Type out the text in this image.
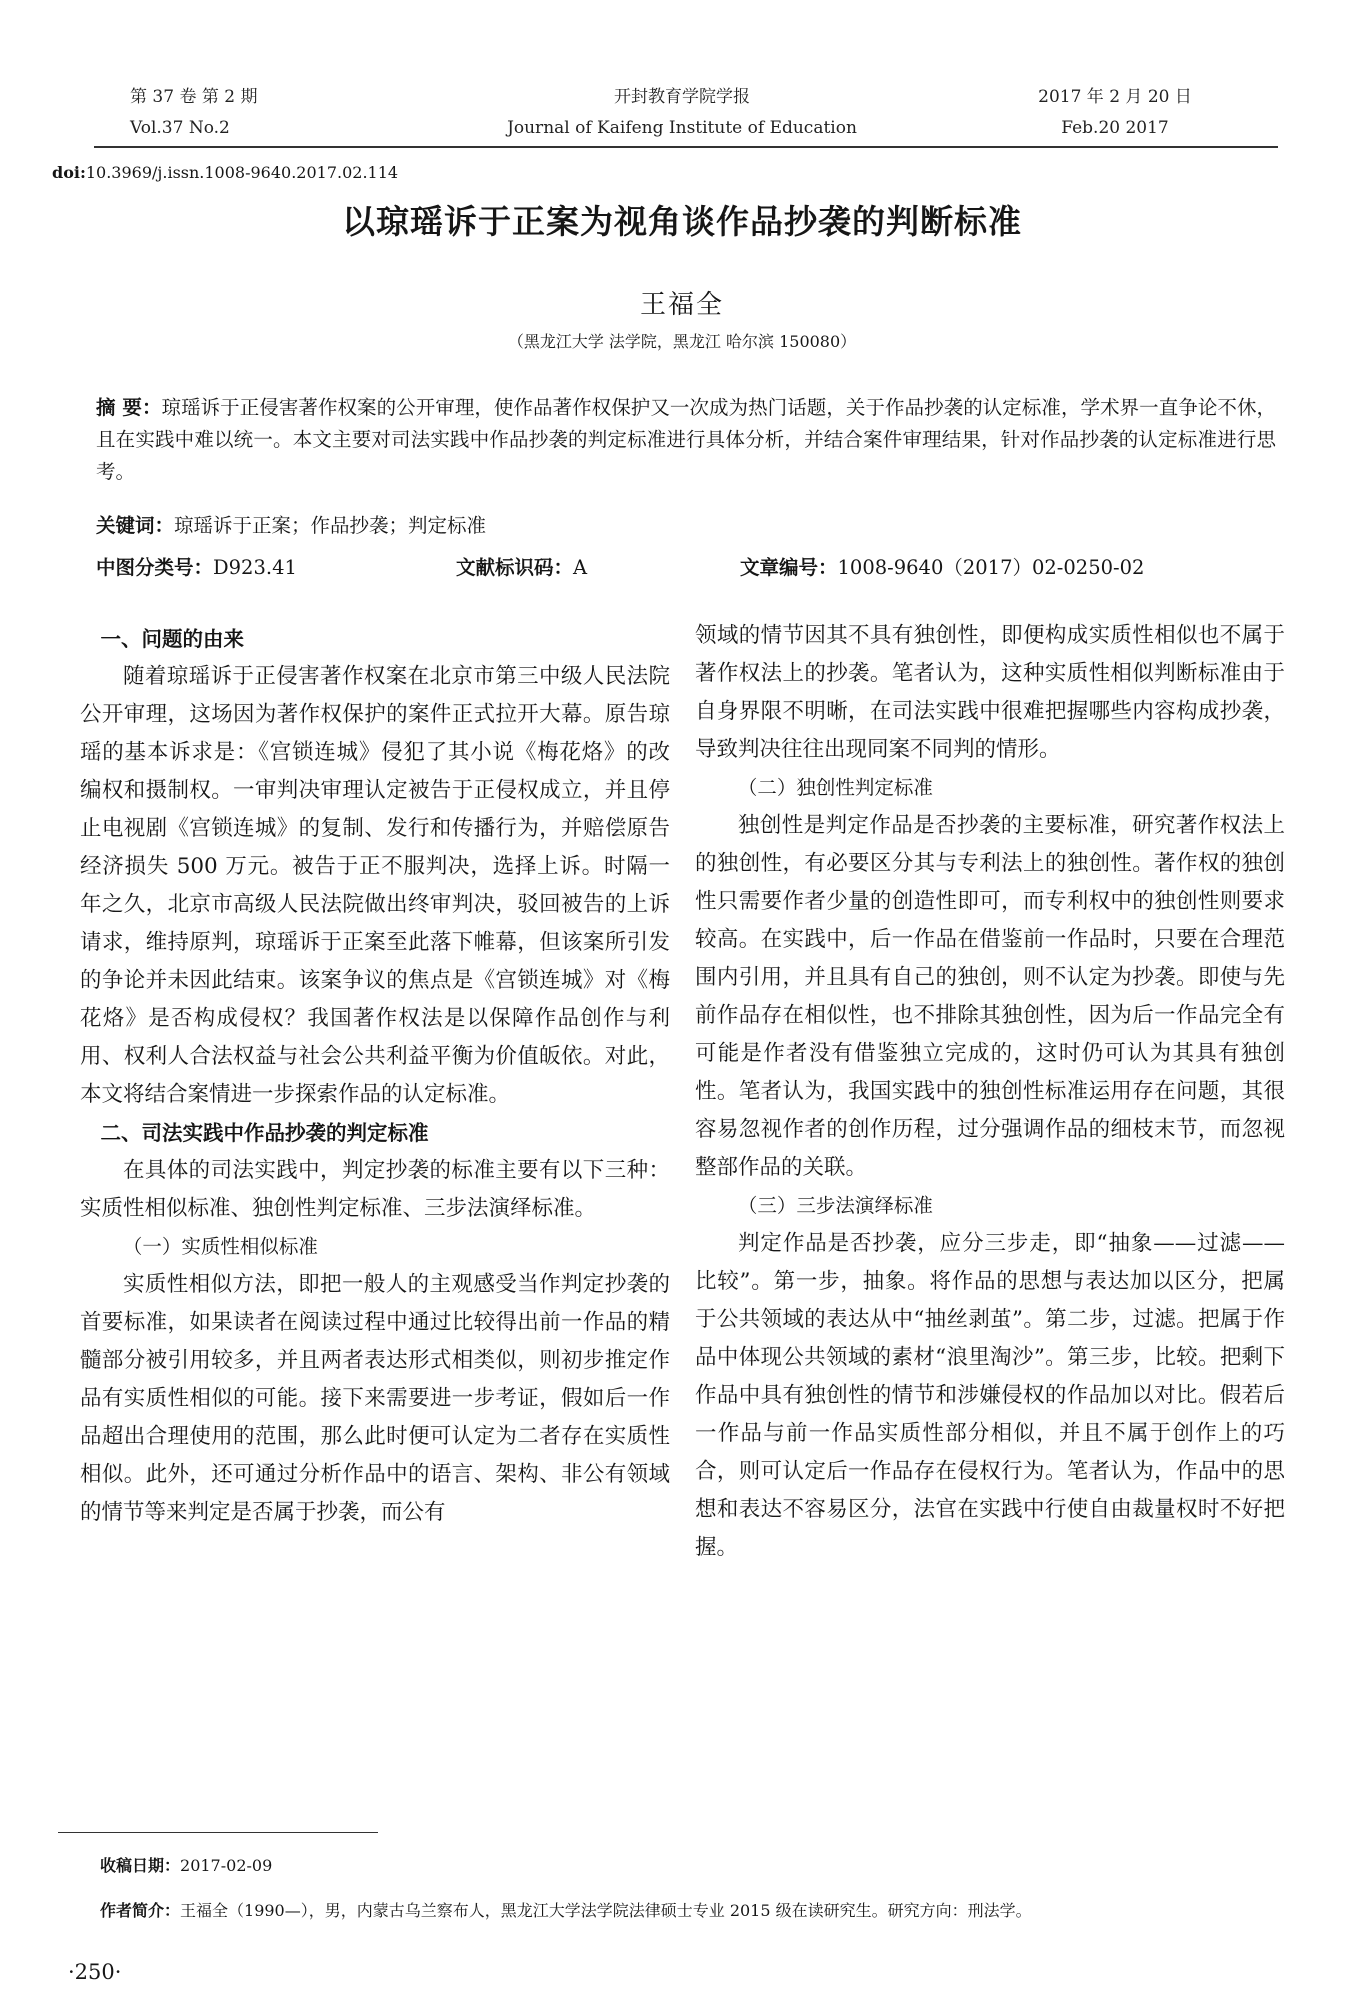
第 37 卷 第 2 期
Vol.37 No.2
开封教育学院学报
Journal of Kaifeng Institute of Education
2017 年 2 月 20 日
Feb.20 2017
doi:10.3969/j.issn.1008-9640.2017.02.114
以琼瑶诉于正案为视角谈作品抄袭的判断标准
王福全
（黑龙江大学 法学院，黑龙江 哈尔滨 150080）
摘 要：琼瑶诉于正侵害著作权案的公开审理，使作品著作权保护又一次成为热门话题，关于作品抄袭的认定标准，学术界一直争论不休，且在实践中难以统一。本文主要对司法实践中作品抄袭的判定标准进行具体分析，并结合案件审理结果，针对作品抄袭的认定标准进行思考。
关键词：琼瑶诉于正案；作品抄袭；判定标准
中图分类号：D923.41	文献标识码：A	文章编号：1008-9640（2017）02-0250-02
一、问题的由来

随着琼瑶诉于正侵害著作权案在北京市第三中级人民法院公开审理，这场因为著作权保护的案件正式拉开大幕。原告琼瑶的基本诉求是：《宫锁连城》侵犯了其小说《梅花烙》的改编权和摄制权。一审判决审理认定被告于正侵权成立，并且停止电视剧《宫锁连城》的复制、发行和传播行为，并赔偿原告经济损失 500 万元。被告于正不服判决，选择上诉。时隔一年之久，北京市高级人民法院做出终审判决，驳回被告的上诉请求，维持原判，琼瑶诉于正案至此落下帷幕，但该案所引发的争论并未因此结束。该案争议的焦点是《宫锁连城》对《梅花烙》是否构成侵权？我国著作权法是以保障作品创作与利用、权利人合法权益与社会公共利益平衡为价值皈依。对此，本文将结合案情进一步探索作品的认定标准。

二、司法实践中作品抄袭的判定标准

在具体的司法实践中，判定抄袭的标准主要有以下三种：实质性相似标准、独创性判定标准、三步法演绎标准。

（一）实质性相似标准

实质性相似方法，即把一般人的主观感受当作判定抄袭的首要标准，如果读者在阅读过程中通过比较得出前一作品的精髓部分被引用较多，并且两者表达形式相类似，则初步推定作品有实质性相似的可能。接下来需要进一步考证，假如后一作品超出合理使用的范围，那么此时便可认定为二者存在实质性相似。此外，还可通过分析作品中的语言、架构、非公有领域的情节等来判定是否属于抄袭，而公有

领域的情节因其不具有独创性，即便构成实质性相似也不属于著作权法上的抄袭。笔者认为，这种实质性相似判断标准由于自身界限不明晰，在司法实践中很难把握哪些内容构成抄袭，导致判决往往出现同案不同判的情形。

（二）独创性判定标准

独创性是判定作品是否抄袭的主要标准，研究著作权法上的独创性，有必要区分其与专利法上的独创性。著作权的独创性只需要作者少量的创造性即可，而专利权中的独创性则要求较高。在实践中，后一作品在借鉴前一作品时，只要在合理范围内引用，并且具有自己的独创，则不认定为抄袭。即使与先前作品存在相似性，也不排除其独创性，因为后一作品完全有可能是作者没有借鉴独立完成的，这时仍可认为其具有独创性。笔者认为，我国实践中的独创性标准运用存在问题，其很容易忽视作者的创作历程，过分强调作品的细枝末节，而忽视整部作品的关联。

（三）三步法演绎标准

判定作品是否抄袭，应分三步走，即“抽象——过滤——比较”。第一步，抽象。将作品的思想与表达加以区分，把属于公共领域的表达从中“抽丝剥茧”。第二步，过滤。把属于作品中体现公共领域的素材“浪里淘沙”。第三步，比较。把剩下作品中具有独创性的情节和涉嫌侵权的作品加以对比。假若后一作品与前一作品实质性部分相似，并且不属于创作上的巧合，则可认定后一作品存在侵权行为。笔者认为，作品中的思想和表达不容易区分，法官在实践中行使自由裁量权时不好把握。

收稿日期：2017-02-09
作者简介：王福全（1990—），男，内蒙古乌兰察布人，黑龙江大学法学院法律硕士专业 2015 级在读研究生。研究方向：刑法学。
·250·
